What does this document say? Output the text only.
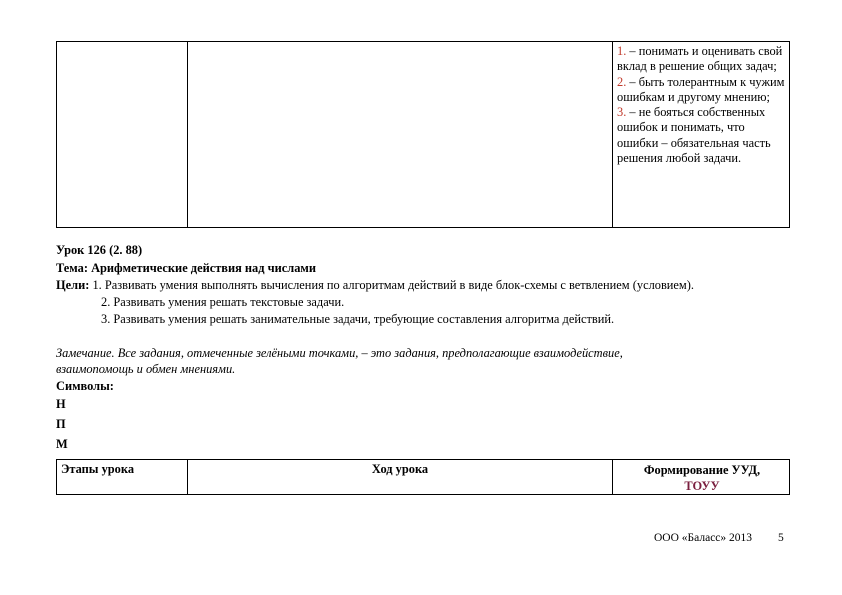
1. – понимать и оценивать свой вклад в решение общих задач;
2. – быть толерантным к чужим ошибкам и другому мнению;
3. – не бояться собственных ошибок и понимать, что ошибки – обязательная часть решения любой задачи.
Урок 126 (2. 88)
Тема: Арифметические действия над числами
Цели: 1. Развивать умения выполнять вычисления по алгоритмам действий в виде блок-схемы с ветвлением (условием).
2. Развивать умения решать текстовые задачи.
3. Развивать умения решать занимательные задачи, требующие составления алгоритма действий.
Замечание. Все задания, отмеченные зелёными точками, – это задания, предполагающие взаимодействие,
взаимопомощь и обмен мнениями.
Символы:
Н
П
М
Этапы урока	Ход урока	Формирование УУД,
ТОУУ
ООО «Баласс» 2013 5
